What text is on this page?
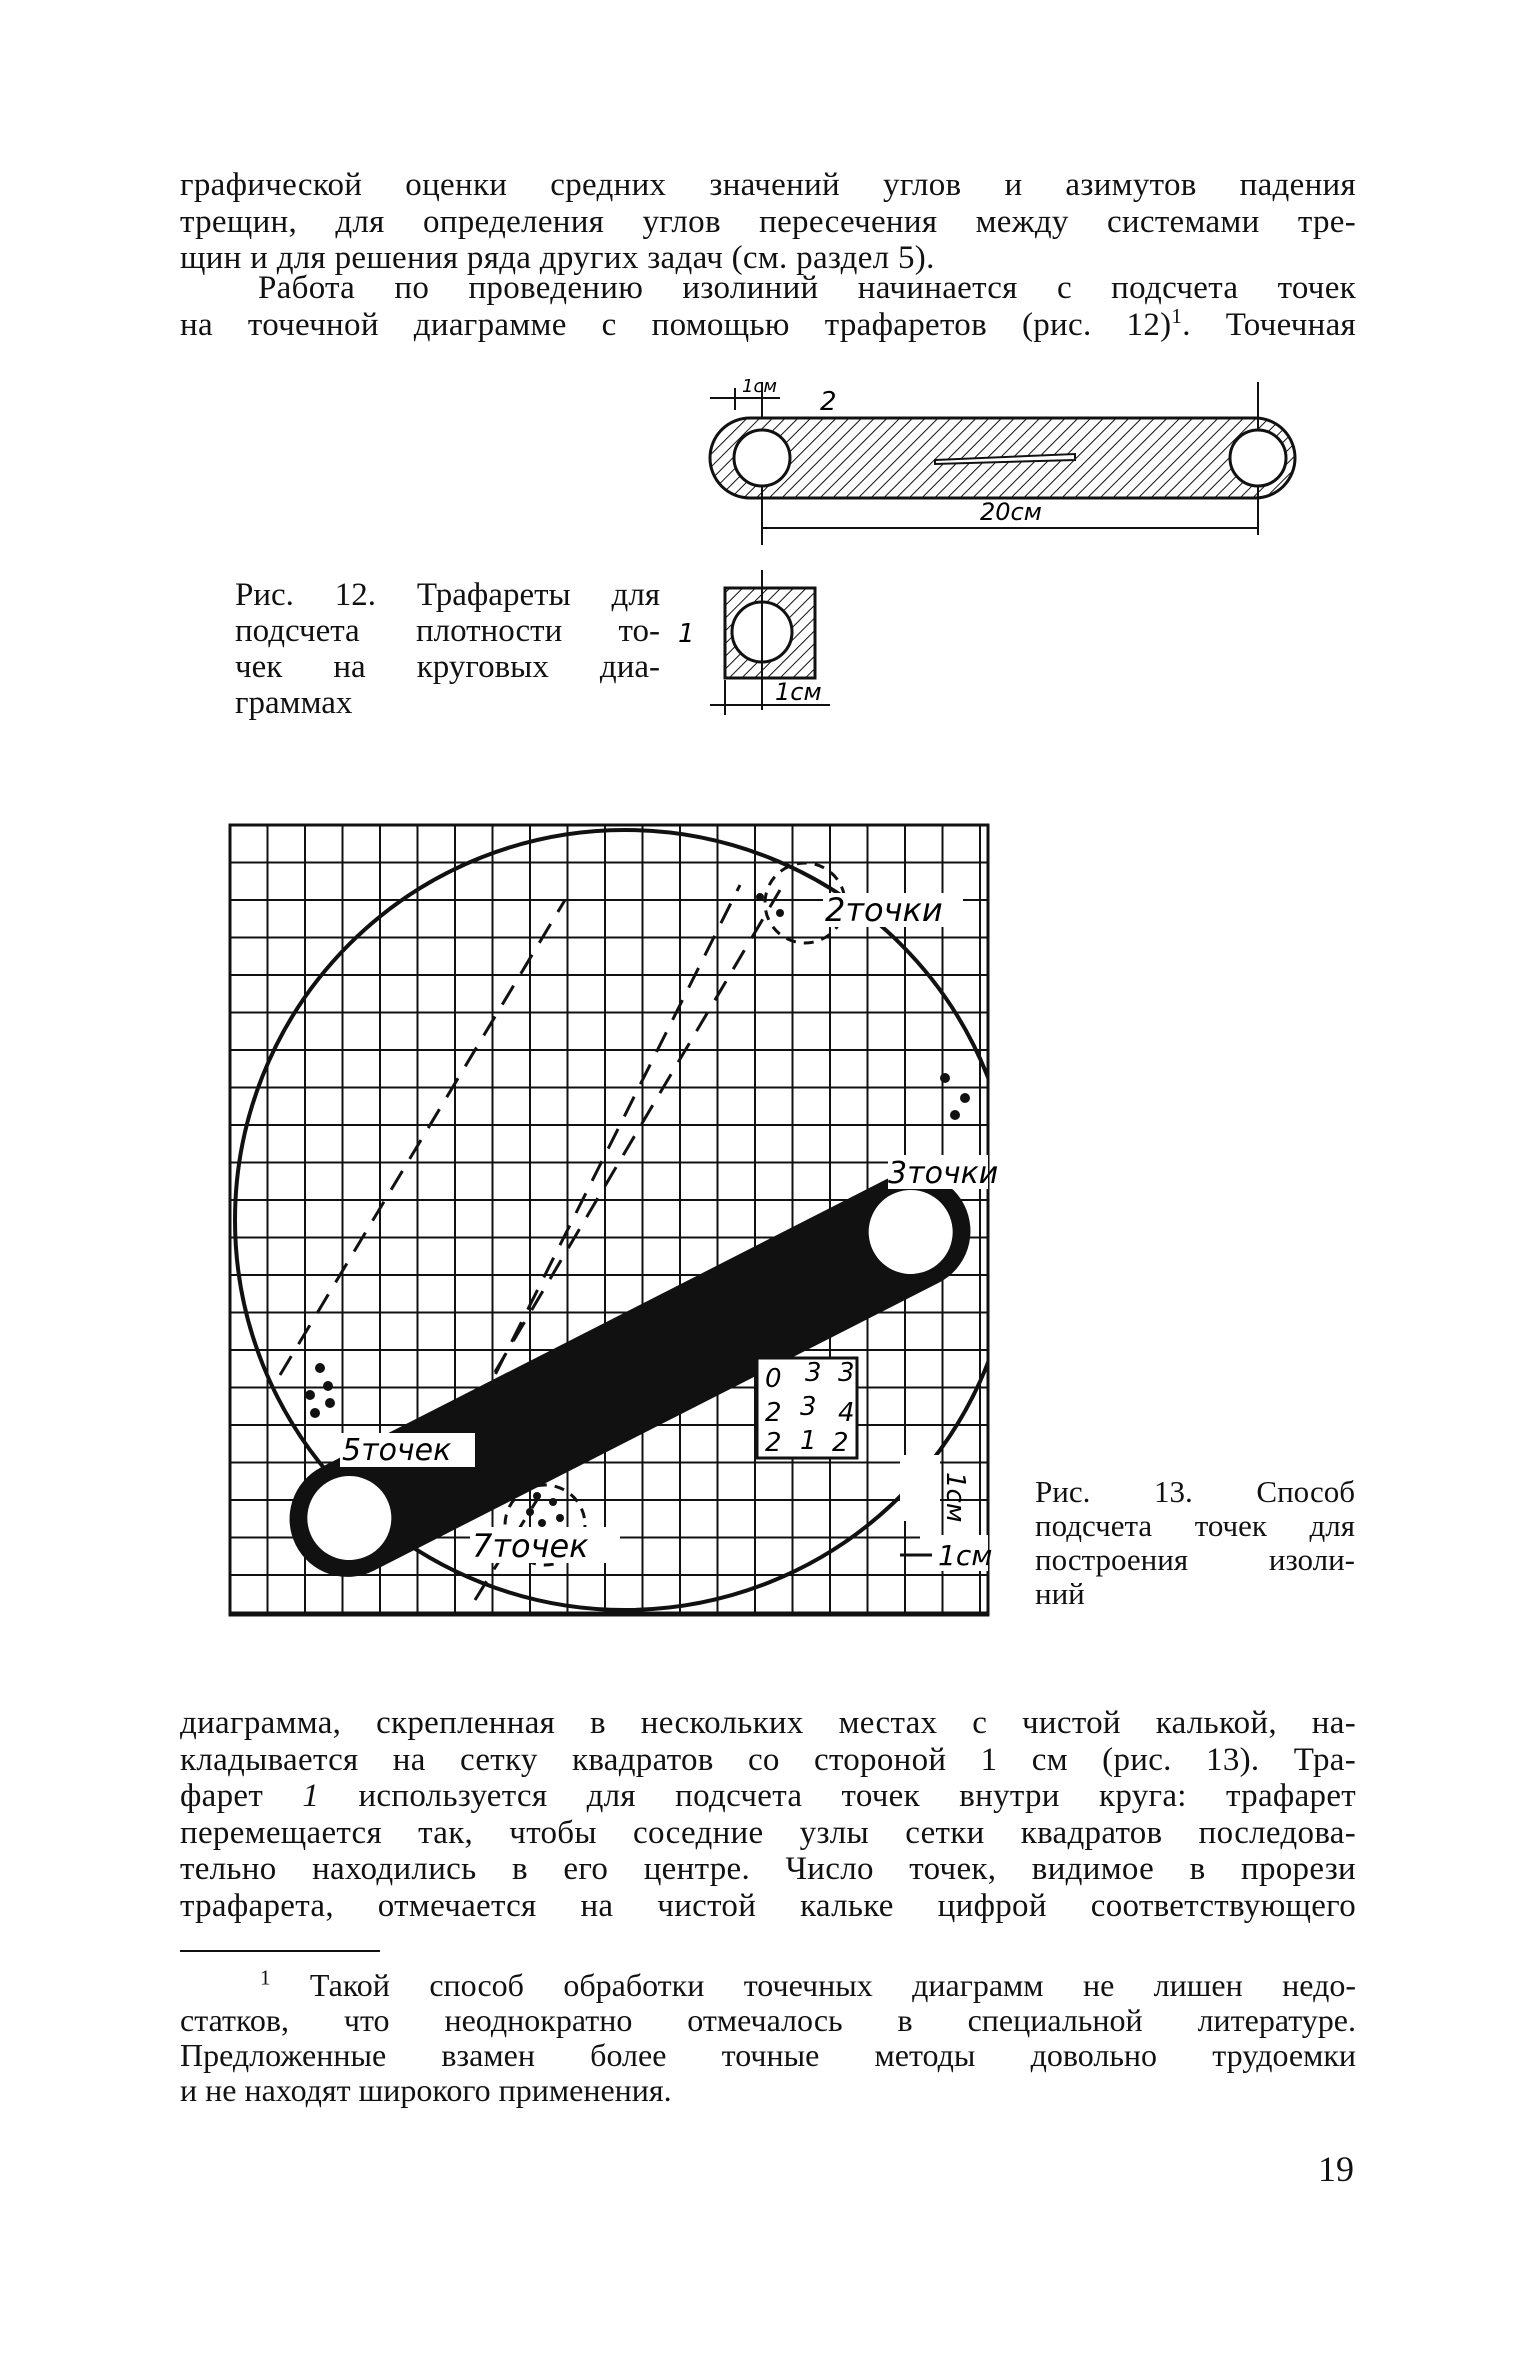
графической оценки средних значений углов и азимутов падения
трещин, для определения углов пересечения между системами тре-
щин и для решения ряда других задач (см. раздел 5).
Работа по проведению изолиний начинается с подсчета точек
на точечной диаграмме с помощью трафаретов (рис. 12)$^1$. Точечная
1см
2
20см
1см
1
Рис. 12. Трафареты для
подсчета плотности то-
чек на круговых диа-
граммах
0 3 3
2 3 4
2 1 2
2точки
3точки
5точек
7точек
1см
1см
Рис. 13. Способ
подсчета точек для
построения изоли-
ний
диаграмма, скрепленная в нескольких местах с чистой калькой, на-
кладывается на сетку квадратов со стороной 1 см (рис. 13). Тра-
фарет 1 используется для подсчета точек внутри круга: трафарет
перемещается так, чтобы соседние узлы сетки квадратов последова-
тельно находились в его центре. Число точек, видимое в прорези
трафарета, отмечается на чистой кальке цифрой соответствующего
$^1$ Такой способ обработки точечных диаграмм не лишен недо-
статков, что неоднократно отмечалось в специальной литературе.
Предложенные взамен более точные методы довольно трудоемки
и не находят широкого применения.
19
